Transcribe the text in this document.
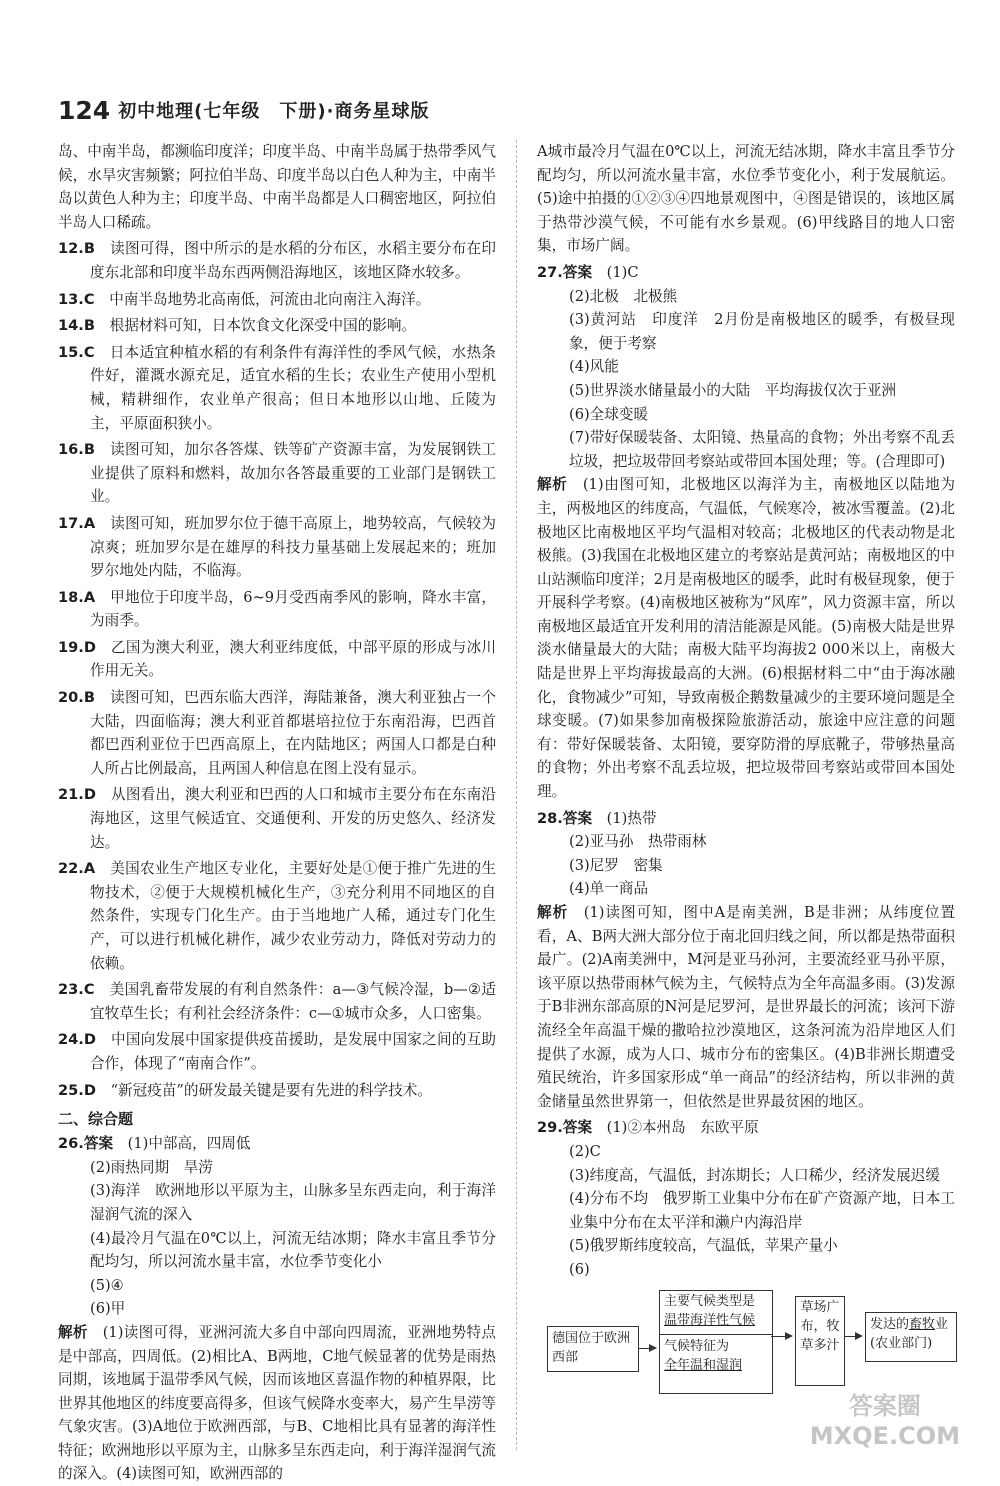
124 初中地理(七年级　下册)·商务星球版

岛、中南半岛，都濒临印度洋；印度半岛、中南半岛属于热带季风气候，水旱灾害频繁；阿拉伯半岛、印度半岛以白色人种为主，中南半岛以黄色人种为主；印度半岛、中南半岛都是人口稠密地区，阿拉伯半岛人口稀疏。

12.B　 读图可得，图中所示的是水稻的分布区，水稻主要分布在印度东北部和印度半岛东西两侧沿海地区，该地区降水较多。

13.C　 中南半岛地势北高南低，河流由北向南注入海洋。

14.B　 根据材料可知，日本饮食文化深受中国的影响。

15.C　 日本适宜种植水稻的有利条件有海洋性的季风气候，水热条件好，灌溉水源充足，适宜水稻的生长；农业生产使用小型机械，精耕细作，农业单产很高；但日本地形以山地、丘陵为主，平原面积狭小。

16.B　 读图可知，加尔各答煤、铁等矿产资源丰富，为发展钢铁工业提供了原料和燃料，故加尔各答最重要的工业部门是钢铁工业。

17.A　 读图可知，班加罗尔位于德干高原上，地势较高，气候较为凉爽；班加罗尔是在雄厚的科技力量基础上发展起来的；班加罗尔地处内陆，不临海。

18.A　 甲地位于印度半岛，6~9月受西南季风的影响，降水丰富，为雨季。

19.D　 乙国为澳大利亚，澳大利亚纬度低，中部平原的形成与冰川作用无关。

20.B　 读图可知，巴西东临大西洋，海陆兼备，澳大利亚独占一个大陆，四面临海；澳大利亚首都堪培拉位于东南沿海，巴西首都巴西利亚位于巴西高原上，在内陆地区；两国人口都是白种人所占比例最高，且两国人种信息在图上没有显示。

21.D　 从图看出，澳大利亚和巴西的人口和城市主要分布在东南沿海地区，这里气候适宜、交通便利、开发的历史悠久、经济发达。

22.A　 美国农业生产地区专业化，主要好处是①便于推广先进的生物技术，②便于大规模机械化生产，③充分利用不同地区的自然条件，实现专门化生产。由于当地地广人稀，通过专门化生产，可以进行机械化耕作，减少农业劳动力，降低对劳动力的依赖。

23.C　 美国乳畜带发展的有利自然条件：a—③气候冷湿，b—②适宜牧草生长；有利社会经济条件：c—①城市众多，人口密集。

24.D　 中国向发展中国家提供疫苗援助，是发展中国家之间的互助合作，体现了“南南合作”。

25.D　 “新冠疫苗”的研发最关键是要有先进的科学技术。

二、综合题

26.答案　 (1)中部高，四周低

(2)雨热同期　旱涝

(3)海洋　欧洲地形以平原为主，山脉多呈东西走向，利于海洋湿润气流的深入

(4)最冷月气温在0℃以上，河流无结冰期；降水丰富且季节分配均匀，所以河流水量丰富，水位季节变化小

(5)④

(6)甲

解析　 (1)读图可得，亚洲河流大多自中部向四周流，亚洲地势特点是中部高，四周低。(2)相比A、B两地，C地气候显著的优势是雨热同期，该地属于温带季风气候，因而该地区喜温作物的种植界限，比世界其他地区的纬度要高得多，但该气候降水变率大，易产生旱涝等气象灾害。(3)A地位于欧洲西部，与B、C地相比具有显著的海洋性特征；欧洲地形以平原为主，山脉多呈东西走向，利于海洋湿润气流的深入。(4)读图可知，欧洲西部的

A城市最冷月气温在0℃以上，河流无结冰期，降水丰富且季节分配均匀，所以河流水量丰富，水位季节变化小，利于发展航运。(5)途中拍摄的①②③④四地景观图中，④图是错误的，该地区属于热带沙漠气候，不可能有水乡景观。(6)甲线路目的地人口密集，市场广阔。

27.答案　 (1)C

(2)北极　北极熊

(3)黄河站　印度洋　2月份是南极地区的暖季，有极昼现象，便于考察

(4)风能

(5)世界淡水储量最小的大陆　平均海拔仅次于亚洲

(6)全球变暖

(7)带好保暖装备、太阳镜、热量高的食物；外出考察不乱丢垃圾，把垃圾带回考察站或带回本国处理；等。(合理即可)

解析　 (1)由图可知，北极地区以海洋为主，南极地区以陆地为主，两极地区的纬度高，气温低，气候寒冷，被冰雪覆盖。(2)北极地区比南极地区平均气温相对较高；北极地区的代表动物是北极熊。(3)我国在北极地区建立的考察站是黄河站；南极地区的中山站濒临印度洋；2月是南极地区的暖季，此时有极昼现象，便于开展科学考察。(4)南极地区被称为“风库”，风力资源丰富，所以南极地区最适宜开发利用的清洁能源是风能。(5)南极大陆是世界淡水储量最大的大陆；南极大陆平均海拔2 000米以上，南极大陆是世界上平均海拔最高的大洲。(6)根据材料二中“由于海冰融化，食物减少”可知，导致南极企鹅数量减少的主要环境问题是全球变暖。(7)如果参加南极探险旅游活动，旅途中应注意的问题有：带好保暖装备、太阳镜，要穿防滑的厚底靴子，带够热量高的食物；外出考察不乱丢垃圾，把垃圾带回考察站或带回本国处理。

28.答案　 (1)热带

(2)亚马孙　热带雨林

(3)尼罗　密集

(4)单一商品

解析　 (1)读图可知，图中A是南美洲，B是非洲；从纬度位置看，A、B两大洲大部分位于南北回归线之间，所以都是热带面积最广。(2)A南美洲中，M河是亚马孙河，主要流经亚马孙平原，该平原以热带雨林气候为主，气候特点为全年高温多雨。(3)发源于B非洲东部高原的N河是尼罗河，是世界最长的河流；该河下游流经全年高温干燥的撒哈拉沙漠地区，这条河流为沿岸地区人们提供了水源，成为人口、城市分布的密集区。(4)B非洲长期遭受殖民统治，许多国家形成“单一商品”的经济结构，所以非洲的黄金储量虽然世界第一，但依然是世界最贫困的地区。

29.答案　 (1)②本州岛　东欧平原

(2)C

(3)纬度高，气温低，封冻期长；人口稀少，经济发展迟缓

(4)分布不均　俄罗斯工业集中分布在矿产资源产地，日本工业集中分布在太平洋和濑户内海沿岸

(5)俄罗斯纬度较高，气温低，苹果产量小

(6)

德国位于欧洲西部
主要气候类型是
温带海洋性气候
气候特征为
全年温和湿润
草场广布，牧草多汁
发达的畜牧业
(农业部门)
答案圈
MXQE.COM
